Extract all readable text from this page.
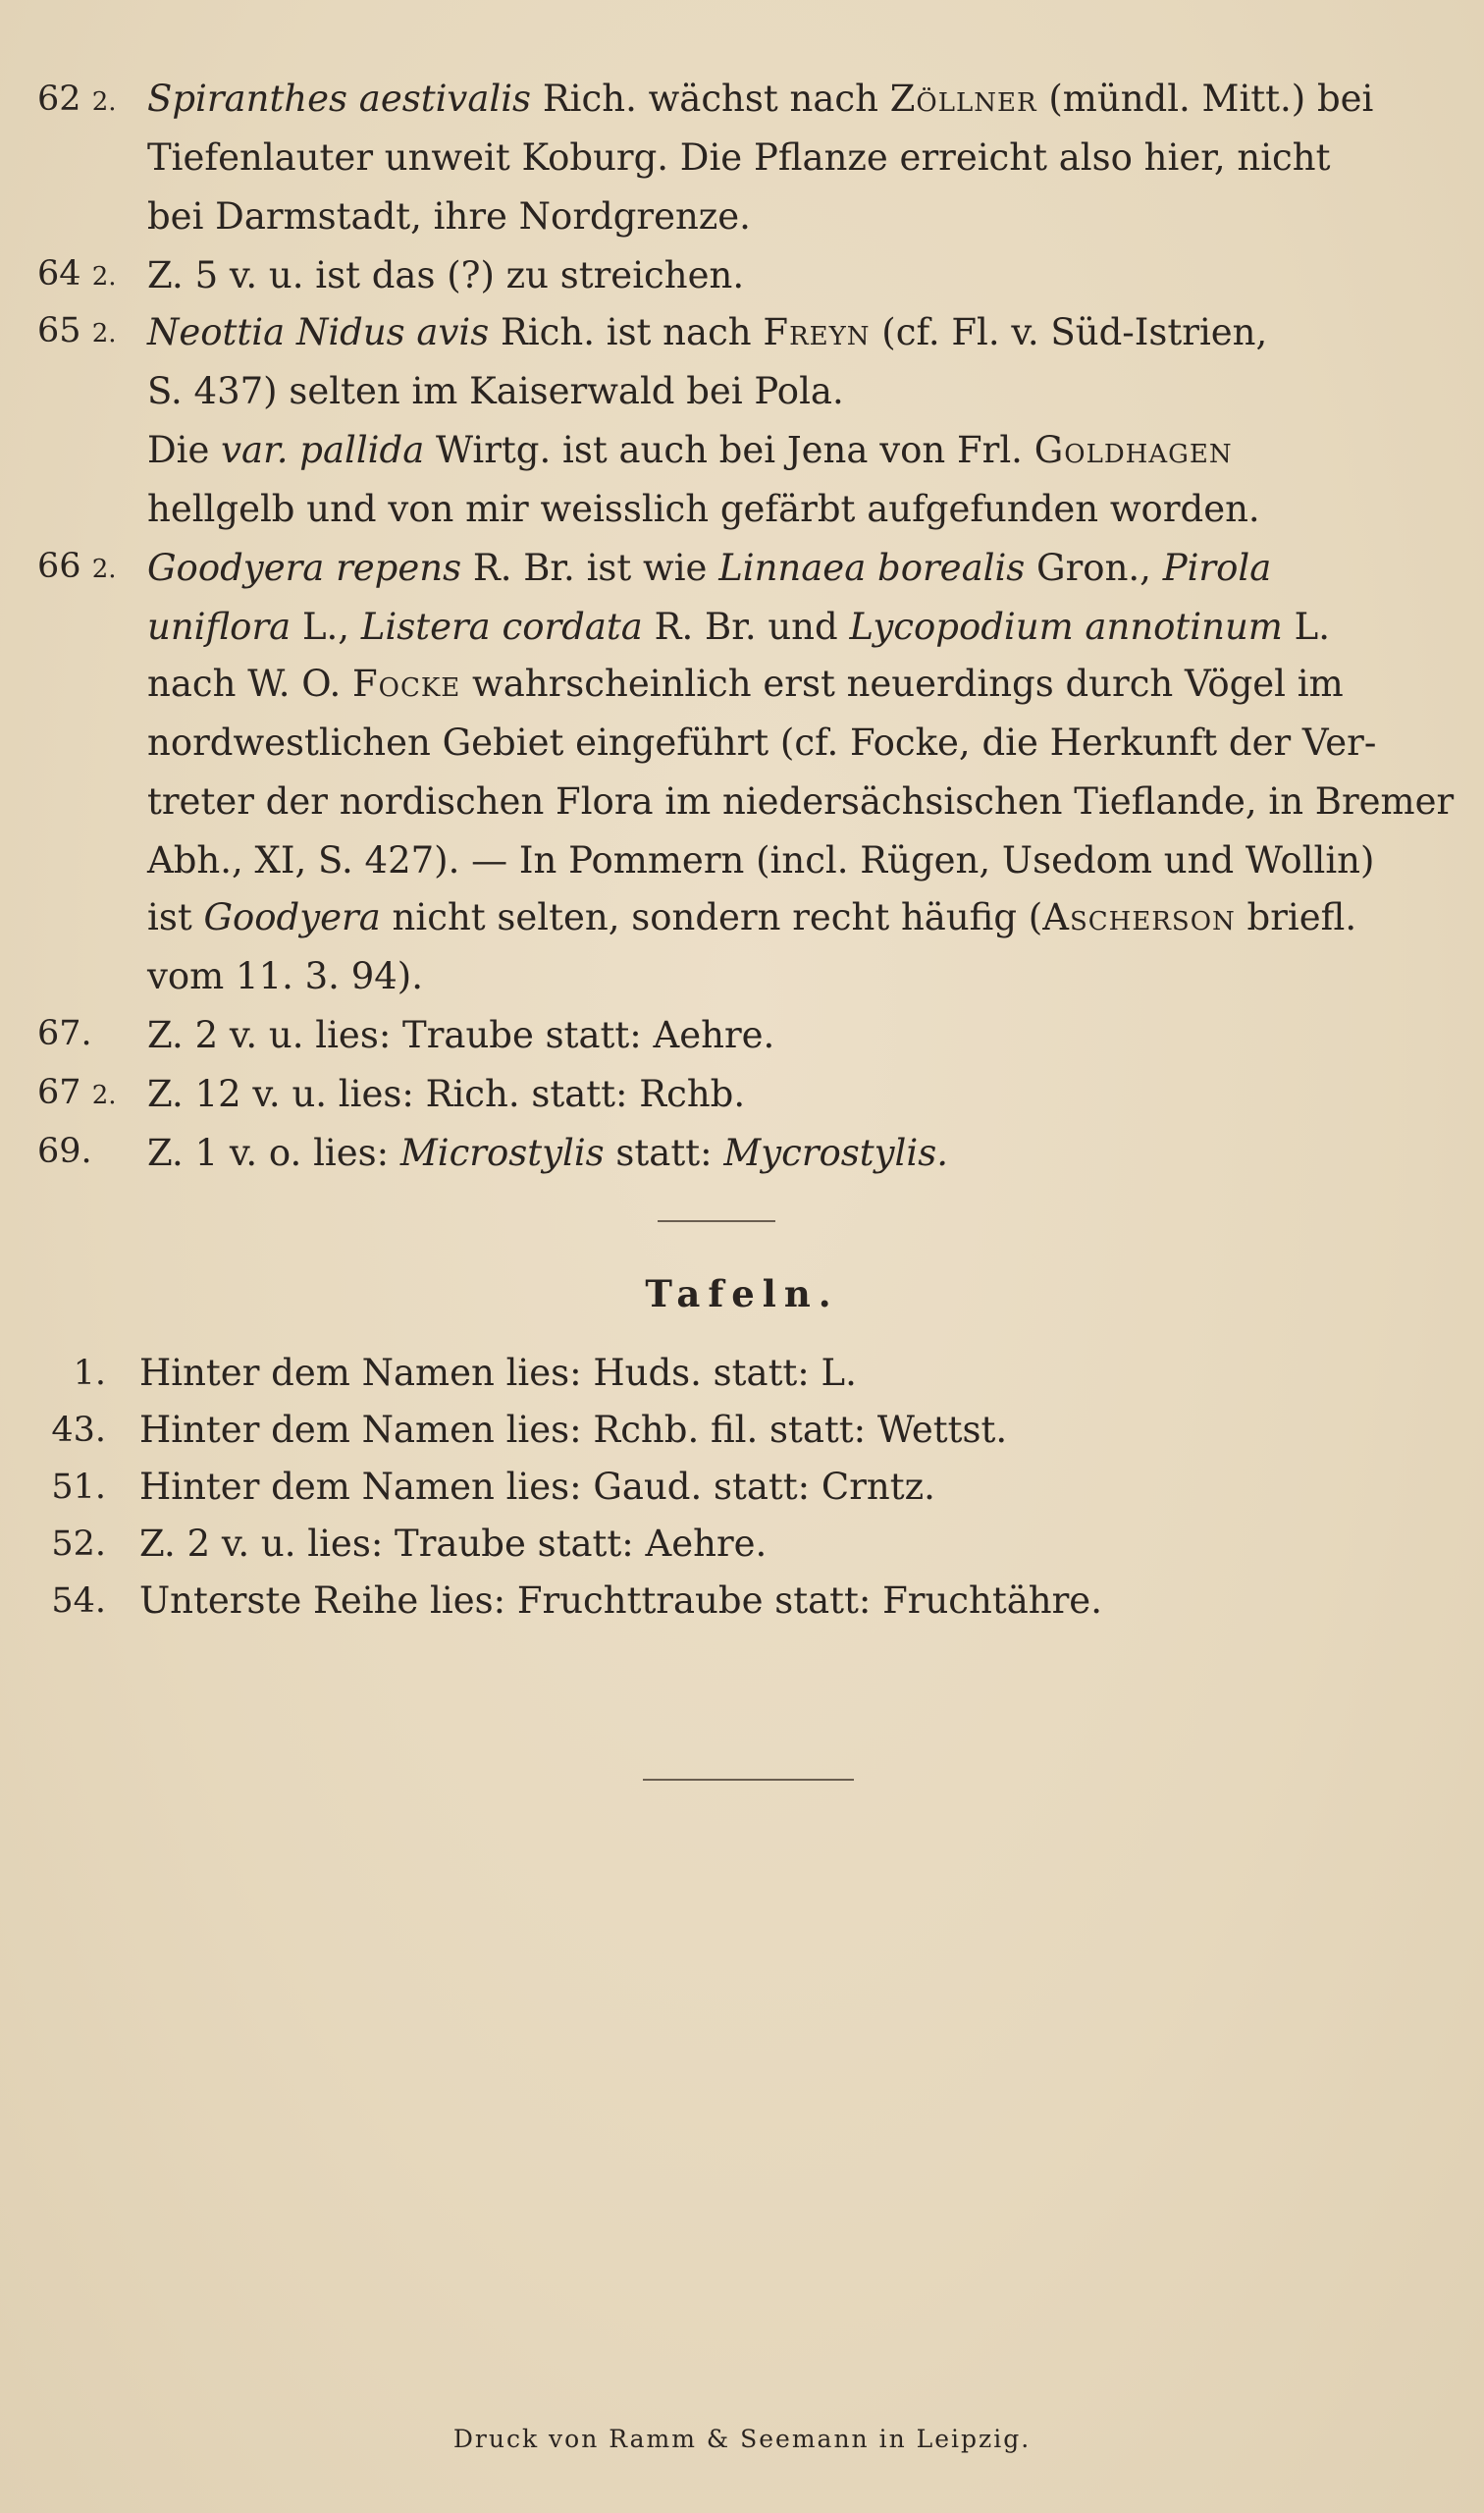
62 2. Spiranthes aestivalis Rich. wächst nach Zöllner (mündl. Mitt.) bei
Tiefenlauter unweit Koburg. Die Pflanze erreicht also hier, nicht
bei Darmstadt, ihre Nordgrenze.
64 2. Z. 5 v. u. ist das (?) zu streichen.
65 2. Neottia Nidus avis Rich. ist nach Freyn (cf. Fl. v. Süd-Istrien,
S. 437) selten im Kaiserwald bei Pola.
Die var. pallida Wirtg. ist auch bei Jena von Frl. Goldhagen
hellgelb und von mir weisslich gefärbt aufgefunden worden.
66 2. Goodyera repens R. Br. ist wie Linnaea borealis Gron., Pirola
uniflora L., Listera cordata R. Br. und Lycopodium annotinum L.
nach W. O. Focke wahrscheinlich erst neuerdings durch Vögel im
nordwestlichen Gebiet eingeführt (cf. Focke, die Herkunft der Ver-
treter der nordischen Flora im niedersächsischen Tieflande, in Bremer
Abh., XI, S. 427). — In Pommern (incl. Rügen, Usedom und Wollin)
ist Goodyera nicht selten, sondern recht häufig (Ascherson briefl.
vom 11. 3. 94).
67.	Z. 2 v. u. lies: Traube statt: Aehre.
67 2. Z. 12 v. u. lies: Rich. statt: Rchb.
69.	Z. 1 v. o. lies: Microstylis statt: Mycrostylis.
Tafeln.
1. Hinter dem Namen lies: Huds. statt: L.
43. Hinter dem Namen lies: Rchb. fil. statt: Wettst.
51. Hinter dem Namen lies: Gaud. statt: Crntz.
52. Z. 2 v. u. lies: Traube statt: Aehre.
54. Unterste Reihe lies: Fruchttraube statt: Fruchtähre.
Druck von Ramm & Seemann in Leipzig.
